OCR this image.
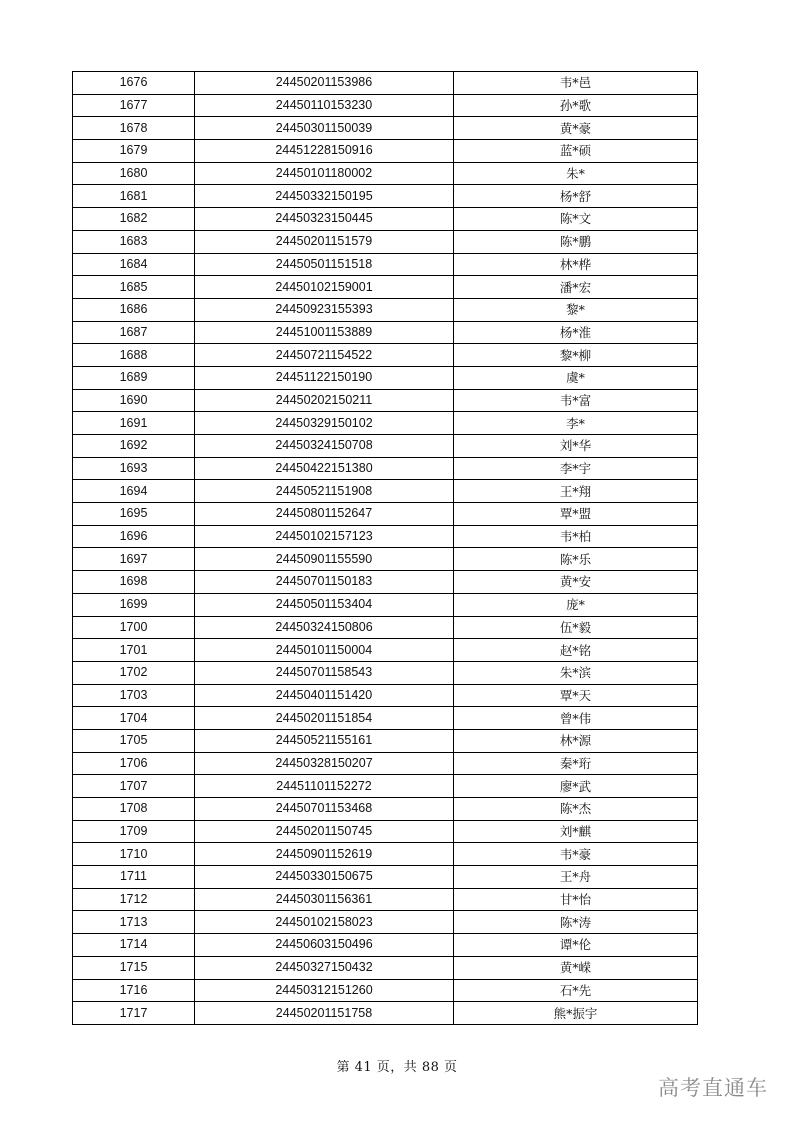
1676	24450201153986	韦*邑
1677	24450110153230	孙*歌
1678	24450301150039	黄*豪
1679	24451228150916	蓝*硕
1680	24450101180002	朱*
1681	24450332150195	杨*舒
1682	24450323150445	陈*文
1683	24450201151579	陈*鹏
1684	24450501151518	林*桦
1685	24450102159001	潘*宏
1686	24450923155393	黎*
1687	24451001153889	杨*淮
1688	24450721154522	黎*柳
1689	24451122150190	虞*
1690	24450202150211	韦*富
1691	24450329150102	李*
1692	24450324150708	刘*华
1693	24450422151380	李*宇
1694	24450521151908	王*翔
1695	24450801152647	覃*盟
1696	24450102157123	韦*柏
1697	24450901155590	陈*乐
1698	24450701150183	黄*安
1699	24450501153404	庞*
1700	24450324150806	伍*毅
1701	24450101150004	赵*铭
1702	24450701158543	朱*滨
1703	24450401151420	覃*天
1704	24450201151854	曾*伟
1705	24450521155161	林*源
1706	24450328150207	秦*珩
1707	24451101152272	廖*武
1708	24450701153468	陈*杰
1709	24450201150745	刘*麒
1710	24450901152619	韦*豪
1711	24450330150675	王*舟
1712	24450301156361	甘*怡
1713	24450102158023	陈*涛
1714	24450603150496	谭*伦
1715	24450327150432	黄*嵘
1716	24450312151260	石*先
1717	24450201151758	熊*振宇
第 41 页，共 88 页
高考直通车
